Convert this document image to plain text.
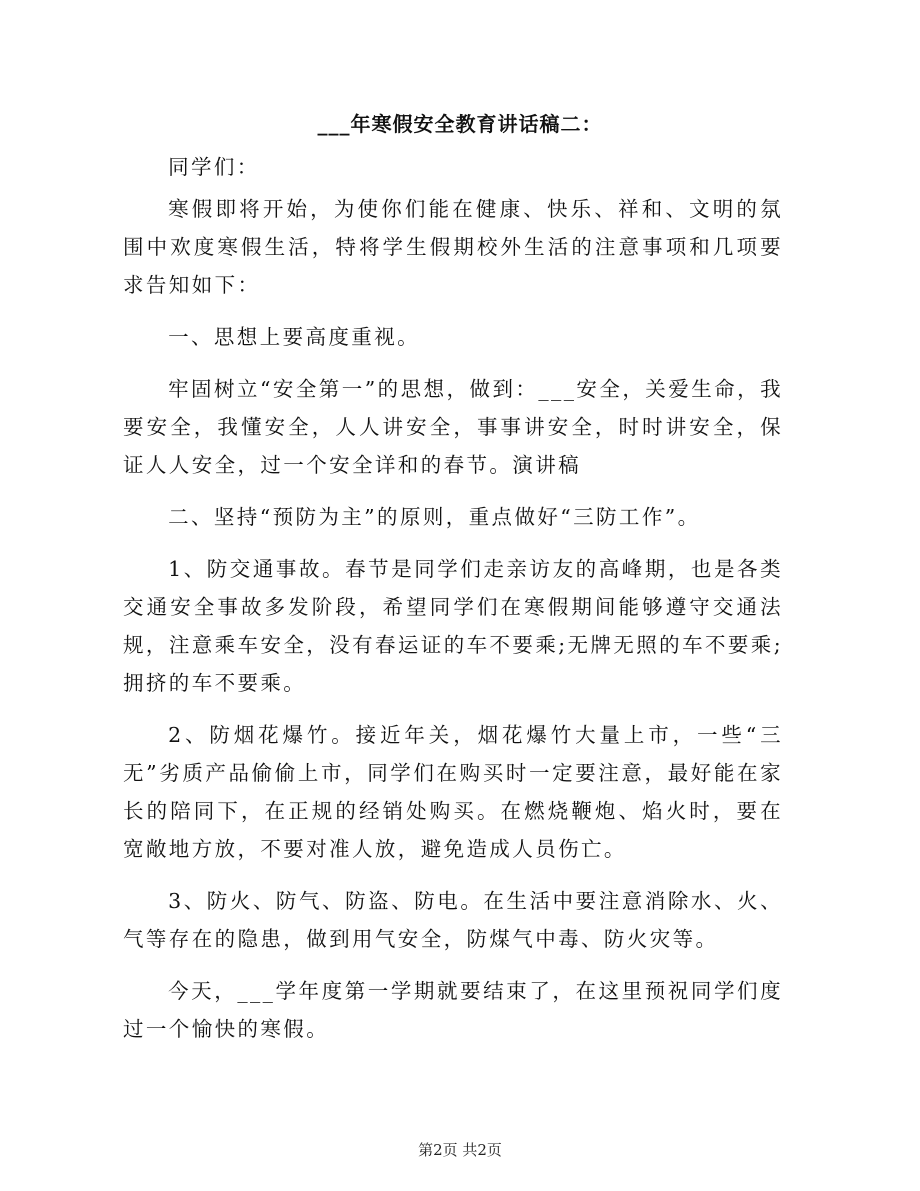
___年寒假安全教育讲话稿二：

同学们：

寒假即将开始，为使你们能在健康、快乐、祥和、文明的氛围中欢度寒假生活，特将学生假期校外生活的注意事项和几项要求告知如下：

一、思想上要高度重视。

牢固树立“安全第一”的思想，做到：___安全，关爱生命，我要安全，我懂安全，人人讲安全，事事讲安全，时时讲安全，保证人人安全，过一个安全详和的春节。演讲稿

二、坚持“预防为主”的原则，重点做好“三防工作”。

1、防交通事故。春节是同学们走亲访友的高峰期，也是各类交通安全事故多发阶段，希望同学们在寒假期间能够遵守交通法规，注意乘车安全，没有春运证的车不要乘;无牌无照的车不要乘;拥挤的车不要乘。

2、防烟花爆竹。接近年关，烟花爆竹大量上市，一些“三无”劣质产品偷偷上市，同学们在购买时一定要注意，最好能在家长的陪同下，在正规的经销处购买。在燃烧鞭炮、焰火时，要在宽敞地方放，不要对准人放，避免造成人员伤亡。

3、防火、防气、防盗、防电。在生活中要注意消除水、火、气等存在的隐患，做到用气安全，防煤气中毒、防火灾等。

今天，___学年度第一学期就要结束了，在这里预祝同学们度过一个愉快的寒假。

第2页 共2页
